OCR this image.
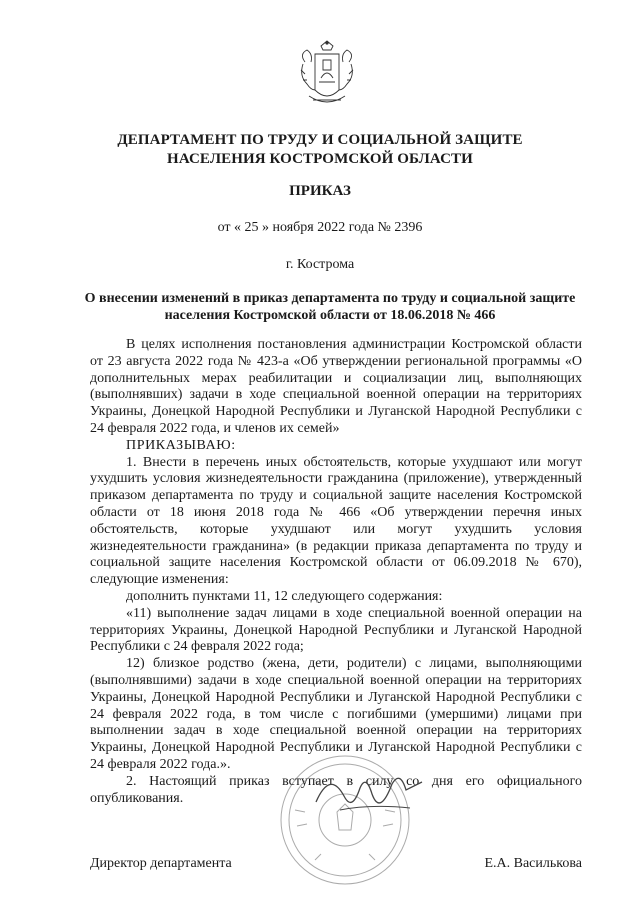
ДЕПАРТАМЕНТ ПО ТРУДУ И СОЦИАЛЬНОЙ ЗАЩИТЕ
НАСЕЛЕНИЯ КОСТРОМСКОЙ ОБЛАСТИ
ПРИКАЗ
от « 25 » ноября 2022 года № 2396
г. Кострома
О внесении изменений в приказ департамента по труду и социальной защите населения Костромской области от 18.06.2018 № 466

В целях исполнения постановления администрации Костромской области от 23 августа 2022 года № 423-а «Об утверждении региональной программы «О дополнительных мерах реабилитации и социализации лиц, выполняющих (выполнявших) задачи в ходе специальной военной операции на территориях Украины, Донецкой Народной Республики и Луганской Народной Республики с 24 февраля 2022 года, и членов их семей»

ПРИКАЗЫВАЮ:

1. Внести в перечень иных обстоятельств, которые ухудшают или могут ухудшить условия жизнедеятельности гражданина (приложение), утвержденный приказом департамента по труду и социальной защите населения Костромской области от 18 июня 2018 года № 466 «Об утверждении перечня иных обстоятельств, которые ухудшают или могут ухудшить условия жизнедеятельности гражданина» (в редакции приказа департамента по труду и социальной защите населения Костромской области от 06.09.2018 № 670), следующие изменения:

дополнить пунктами 11, 12 следующего содержания:

«11) выполнение задач лицами в ходе специальной военной операции на территориях Украины, Донецкой Народной Республики и Луганской Народной Республики с 24 февраля 2022 года;

12) близкое родство (жена, дети, родители) с лицами, выполняющими (выполнявшими) задачи в ходе специальной военной операции на территориях Украины, Донецкой Народной Республики и Луганской Народной Республики с 24 февраля 2022 года, в том числе с погибшими (умершими) лицами при выполнении задач в ходе специальной военной операции на территориях Украины, Донецкой Народной Республики и Луганской Народной Республики с 24 февраля 2022 года.».

2. Настоящий приказ вступает в силу со дня его официального опубликования.

Директор департамента	Е.А. Василькова
